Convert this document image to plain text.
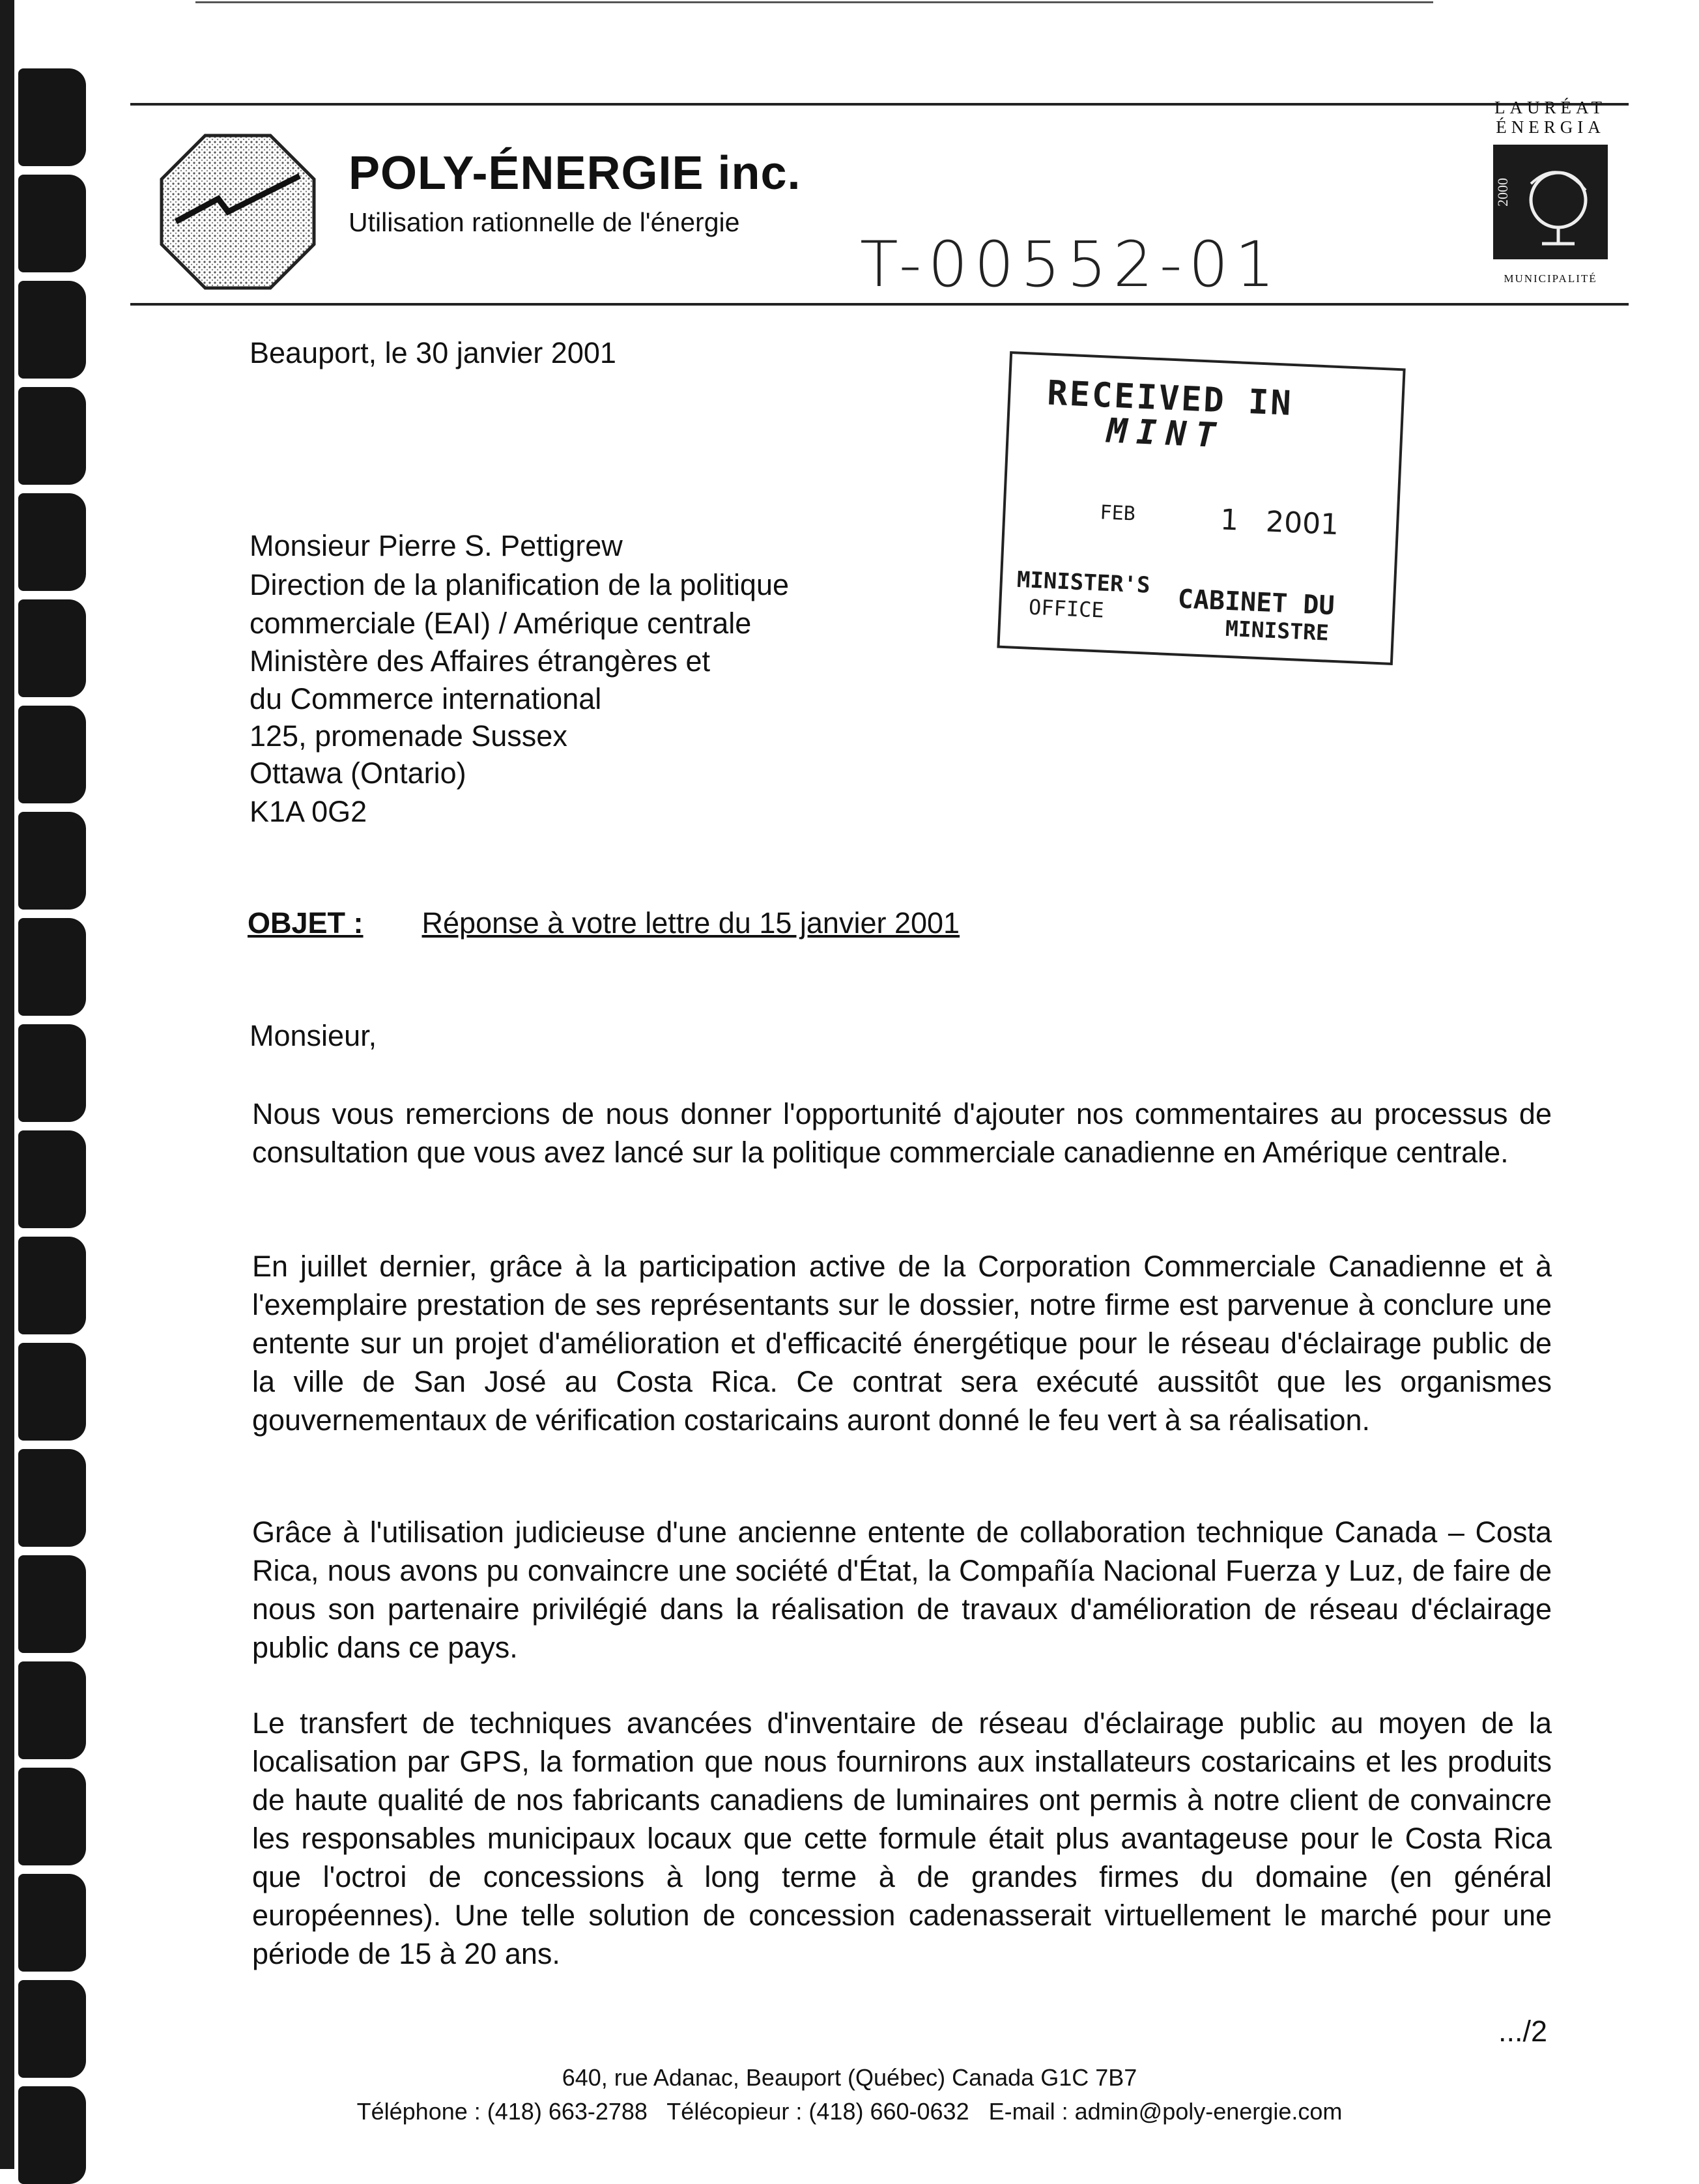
POLY-ÉNERGIE inc.
Utilisation rationnelle de l'énergie
T-00552-01
LAURÉAT
ÉNERGIA
2000
MUNICIPALITÉ
Beauport, le 30 janvier 2001
Monsieur Pierre S. Pettigrew
Direction de la planification de la politique
commerciale (EAI) / Amérique centrale
Ministère des Affaires étrangères et
du Commerce international
125, promenade Sussex
Ottawa (Ontario)
K1A 0G2
RECEIVED IN
MINT
FEB	1 2001
MINISTER'S
OFFICE	CABINET DU
MINISTRE
OBJET : Réponse à votre lettre du 15 janvier 2001
Monsieur,
Nous vous remercions de nous donner l'opportunité d'ajouter nos commentaires au processus de consultation que vous avez lancé sur la politique commerciale canadienne en Amérique centrale.
En juillet dernier, grâce à la participation active de la Corporation Commerciale Canadienne et à l'exemplaire prestation de ses représentants sur le dossier, notre firme est parvenue à conclure une entente sur un projet d'amélioration et d'efficacité énergétique pour le réseau d'éclairage public de la ville de San José au Costa Rica. Ce contrat sera exécuté aussitôt que les organismes gouvernementaux de vérification costaricains auront donné le feu vert à sa réalisation.
Grâce à l'utilisation judicieuse d'une ancienne entente de collaboration technique Canada – Costa Rica, nous avons pu convaincre une société d'État, la Compañía Nacional Fuerza y Luz, de faire de nous son partenaire privilégié dans la réalisation de travaux d'amélioration de réseau d'éclairage public dans ce pays.
Le transfert de techniques avancées d'inventaire de réseau d'éclairage public au moyen de la localisation par GPS, la formation que nous fournirons aux installateurs costaricains et les produits de haute qualité de nos fabricants canadiens de luminaires ont permis à notre client de convaincre les responsables municipaux locaux que cette formule était plus avantageuse pour le Costa Rica que l'octroi de concessions à long terme à de grandes firmes du domaine (en général européennes). Une telle solution de concession cadenasserait virtuellement le marché pour une période de 15 à 20 ans.
.../2
640, rue Adanac, Beauport (Québec) Canada G1C 7B7
Téléphone : (418) 663-2788   Télécopieur : (418) 660-0632   E-mail : admin@poly-energie.com
